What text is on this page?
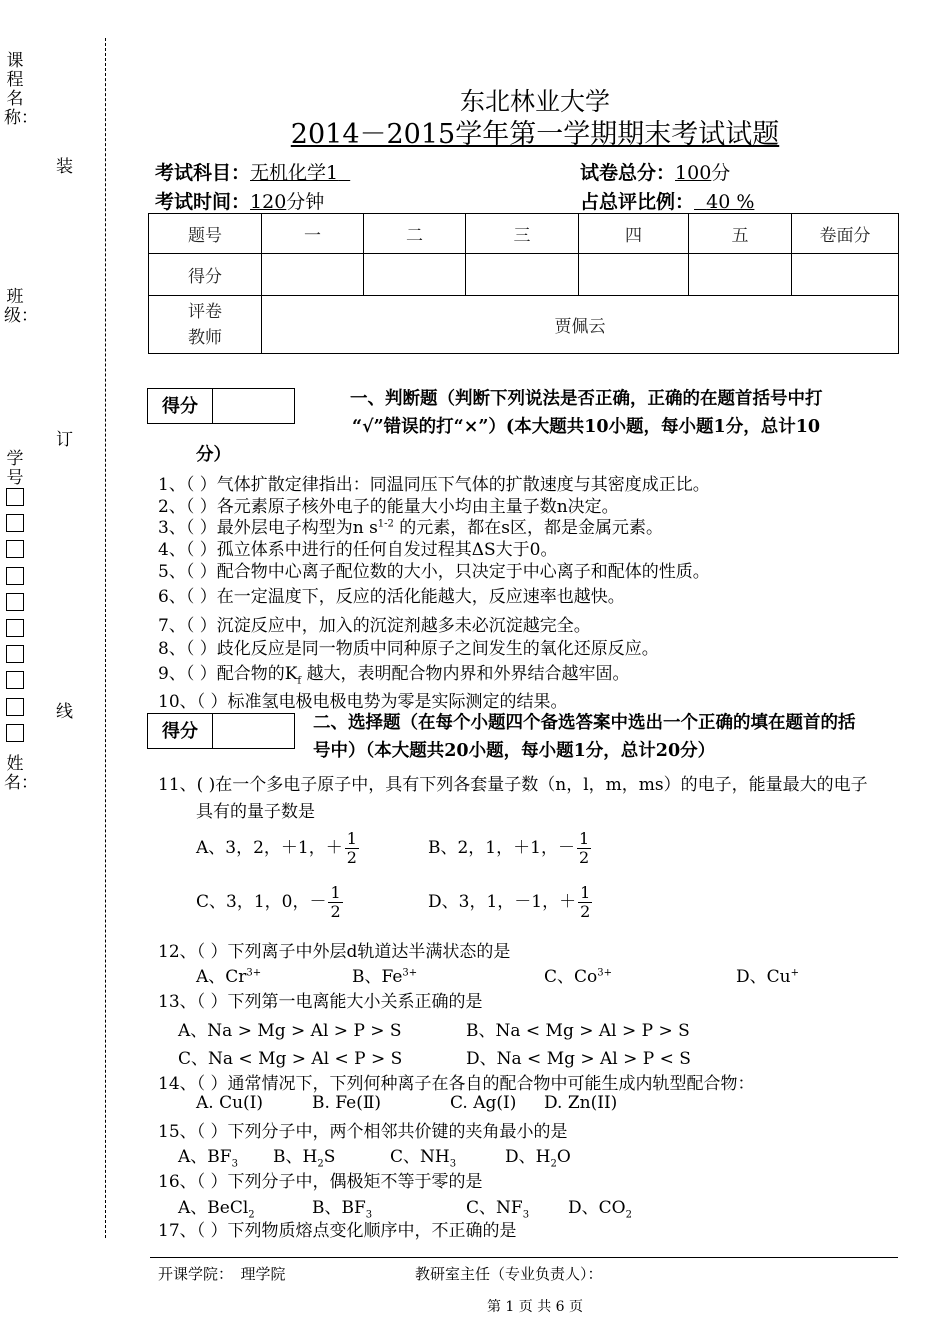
课程名称：
班级：
学号
姓名：
装
订
线
东北林业大学
2014－2015学年第一学期期末考试试题
考试科目：无机化学1	试卷总分：100分
考试时间：120分钟	占总评比例： 40 %
题号	一	二	三	四	五	卷面分
得分						
评卷
教师	贾佩云					
得分	一、判断题（判断下列说法是否正确，正确的在题首括号中打
“√”错误的打“×”）(本大题共10小题，每小题1分，总计10
分）
1、（ ）气体扩散定律指出：同温同压下气体的扩散速度与其密度成正比。
2、（ ）各元素原子核外电子的能量大小均由主量子数n决定。
3、（ ）最外层电子构型为n $s^{1-2}$ 的元素，都在s区，都是金属元素。
4、（ ）孤立体系中进行的任何自发过程其ΔS大于0。
5、（ ）配合物中心离子配位数的大小，只决定于中心离子和配体的性质。
6、（ ）在一定温度下，反应的活化能越大，反应速率也越快。
7、（ ）沉淀反应中，加入的沉淀剂越多未必沉淀越完全。
8、（ ）歧化反应是同一物质中同种原子之间发生的氧化还原反应。
9、（ ）配合物的$K_f$ 越大，表明配合物内界和外界结合越牢固。
10、（ ）标准氢电极电极电势为零是实际测定的结果。
得分	二、选择题（在每个小题四个备选答案中选出一个正确的填在题首的括
号中）（本大题共20小题，每小题1分，总计20分）
11、( )在一个多电子原子中，具有下列各套量子数（n，l，m，ms）的电子，能量最大的电子
具有的量子数是
A、3，2，＋1，＋ $\frac{1}{2}$	B、2，1，＋1，－ $\frac{1}{2}$
C、3，1，0，－ $\frac{1}{2}$	D、3，1，－1，＋ $\frac{1}{2}$
12、（ ）下列离子中外层d轨道达半满状态的是
A、$Cr^{3+}$	B、$Fe^{3+}$	C、$Co^{3+}$	D、Cu+
13、（ ）下列第一电离能大小关系正确的是
A、Na > Mg > Al > P > S	B、Na < Mg > Al > P > S
C、Na < Mg > Al < P > S	D、Na < Mg > Al > P < S
14、（ ）通常情况下，下列何种离子在各自的配合物中可能生成内轨型配合物：
A. Cu(I)	B. Fe(Ⅱ)	C. Ag(I) D. Zn(II)
15、（ ）下列分子中，两个相邻共价键的夹角最小的是
A、$BF_3$ B、$H_2S$	C、$NH_3$	D、$H_2O$
16、（ ）下列分子中，偶极矩不等于零的是
A、BeCl$_2$	B、$BF_3$	C、$NF_3$ D、$CO_2$
17、（ ）下列物质熔点变化顺序中，不正确的是
开课学院：　理学院	教研室主任（专业负责人）：
第 1 页 共 6 页
